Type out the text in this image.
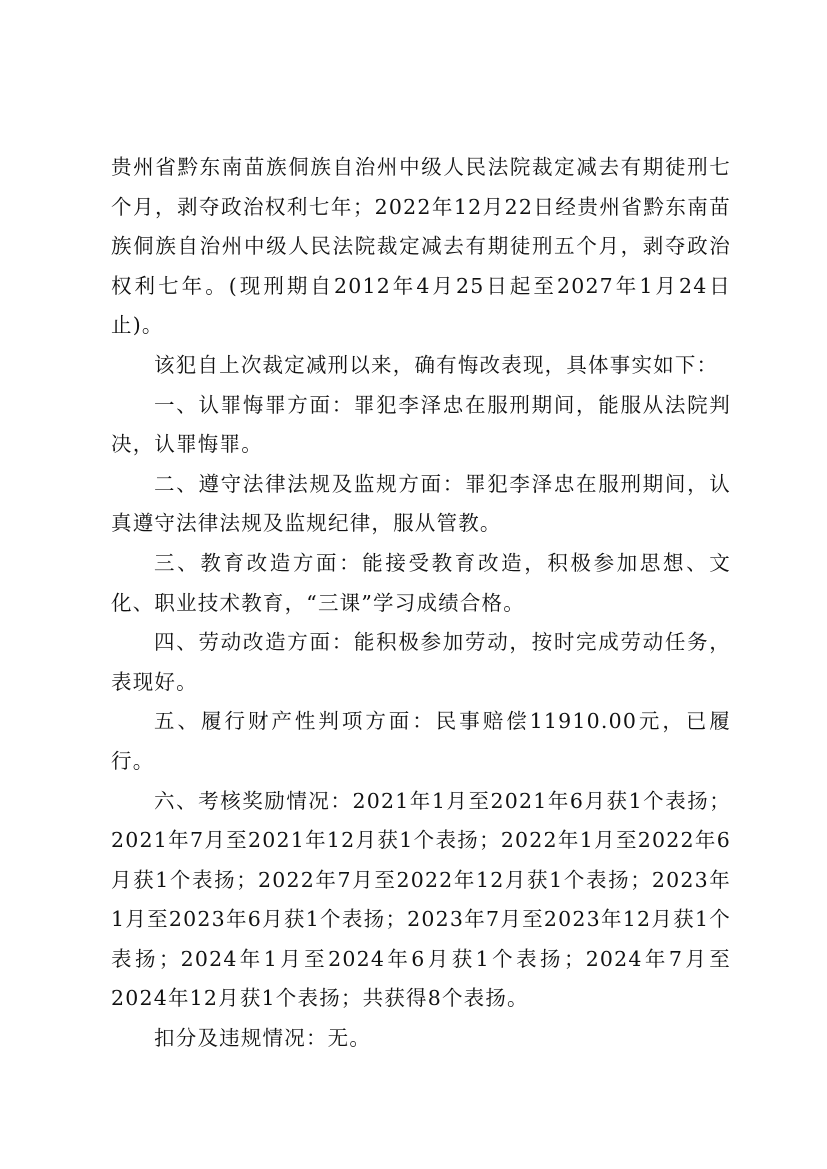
贵州省黔东南苗族侗族自治州中级人民法院裁定减去有期徒刑七个月，剥夺政治权利七年；2022年12月22日经贵州省黔东南苗族侗族自治州中级人民法院裁定减去有期徒刑五个月，剥夺政治权利七年。(现刑期自2012年4月25日起至2027年1月24日止)。

该犯自上次裁定减刑以来，确有悔改表现，具体事实如下：

一、认罪悔罪方面：罪犯李泽忠在服刑期间，能服从法院判决，认罪悔罪。

二、遵守法律法规及监规方面：罪犯李泽忠在服刑期间，认真遵守法律法规及监规纪律，服从管教。

三、教育改造方面：能接受教育改造，积极参加思想、文化、职业技术教育，“三课”学习成绩合格。

四、劳动改造方面：能积极参加劳动，按时完成劳动任务，表现好。

五、履行财产性判项方面：民事赔偿11910.00元，已履行。

六、考核奖励情况：2021年1月至2021年6月获1个表扬；2021年7月至2021年12月获1个表扬；2022年1月至2022年6月获1个表扬；2022年7月至2022年12月获1个表扬；2023年1月至2023年6月获1个表扬；2023年7月至2023年12月获1个表扬；2024年1月至2024年6月获1个表扬；2024年7月至2024年12月获1个表扬；共获得8个表扬。

扣分及违规情况：无。
